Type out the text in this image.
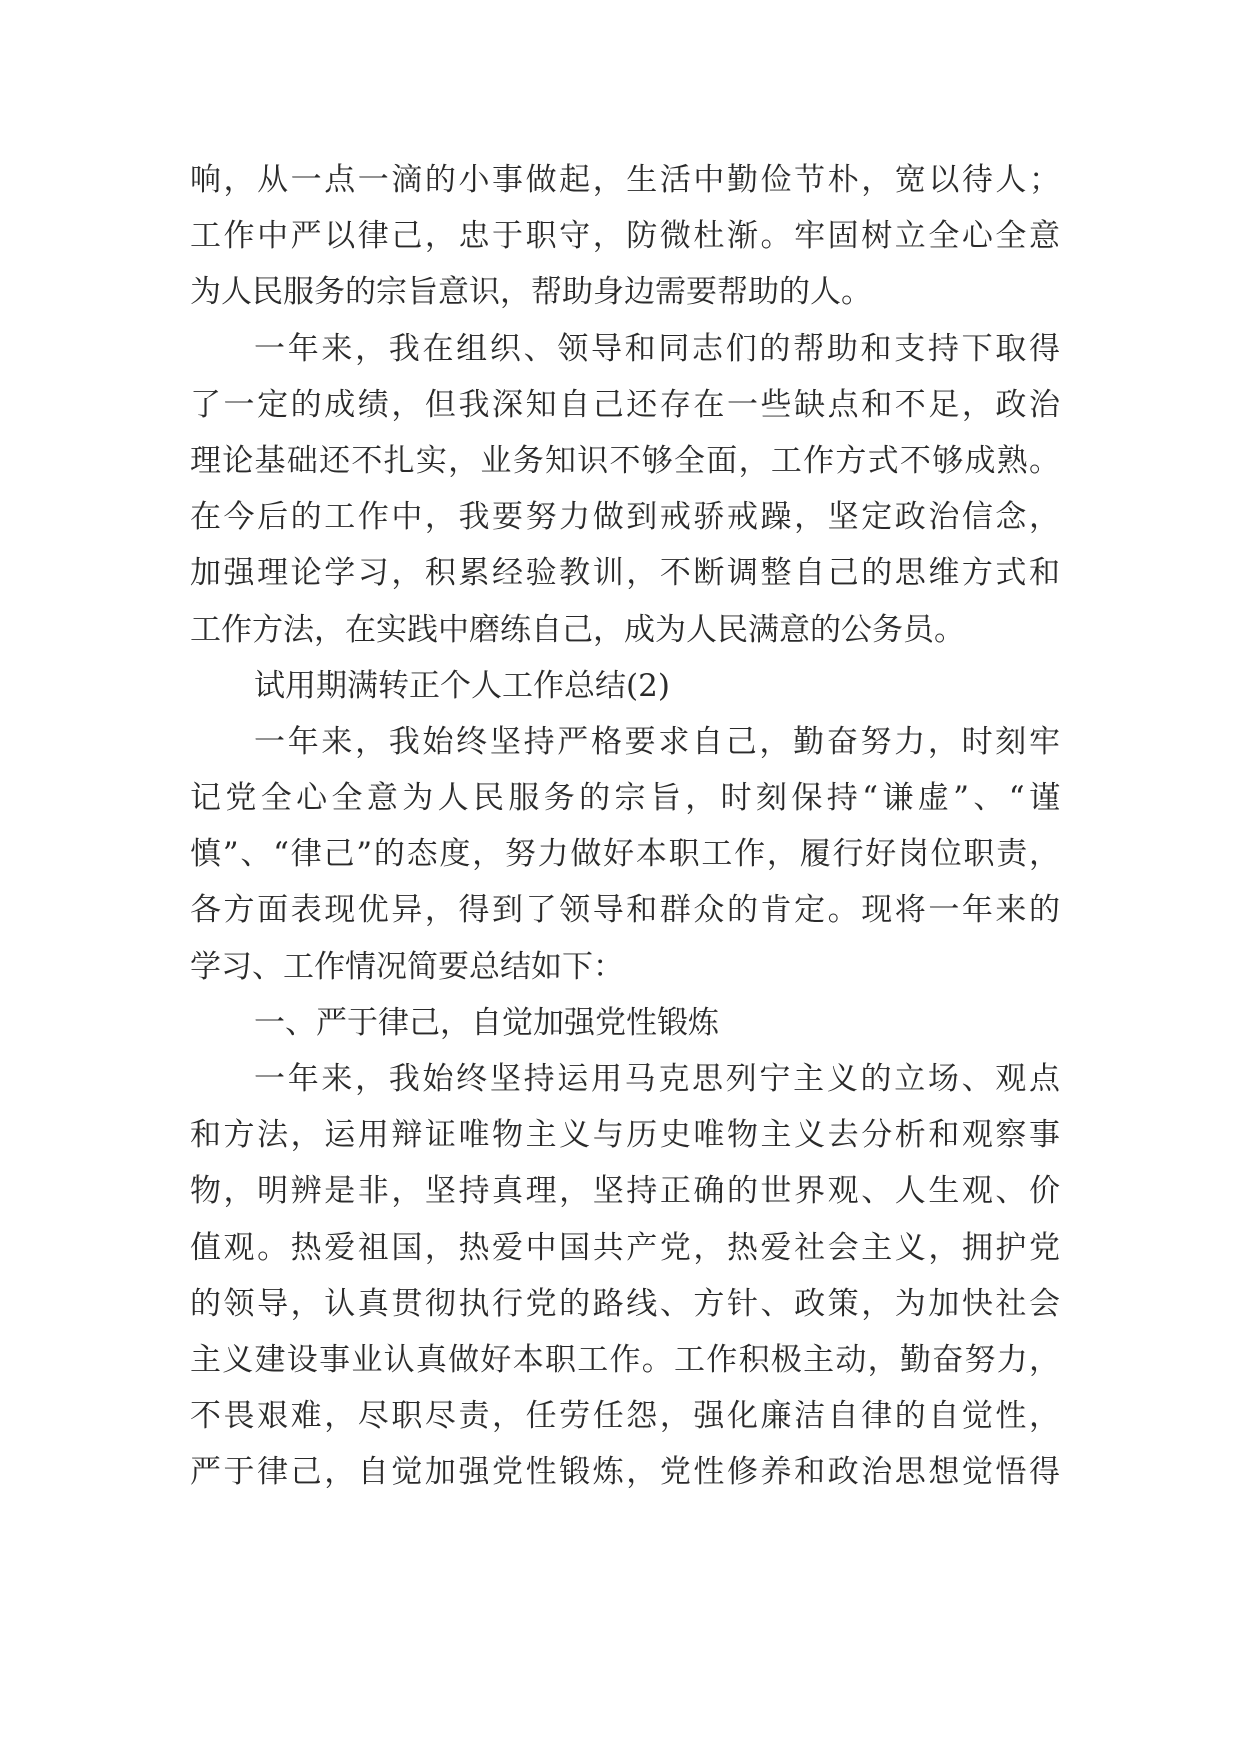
响，从一点一滴的小事做起，生活中勤俭节朴，宽以待人；
工作中严以律己，忠于职守，防微杜渐。牢固树立全心全意
为人民服务的宗旨意识，帮助身边需要帮助的人。
一年来，我在组织、领导和同志们的帮助和支持下取得
了一定的成绩，但我深知自己还存在一些缺点和不足，政治
理论基础还不扎实，业务知识不够全面，工作方式不够成熟。
在今后的工作中，我要努力做到戒骄戒躁，坚定政治信念，
加强理论学习，积累经验教训，不断调整自己的思维方式和
工作方法，在实践中磨练自己，成为人民满意的公务员。
试用期满转正个人工作总结(2)
一年来，我始终坚持严格要求自己，勤奋努力，时刻牢
记党全心全意为人民服务的宗旨，时刻保持“谦虚”、“谨
慎”、“律己”的态度，努力做好本职工作，履行好岗位职责，
各方面表现优异，得到了领导和群众的肯定。现将一年来的
学习、工作情况简要总结如下：
一、严于律己，自觉加强党性锻炼
一年来，我始终坚持运用马克思列宁主义的立场、观点
和方法，运用辩证唯物主义与历史唯物主义去分析和观察事
物，明辨是非，坚持真理，坚持正确的世界观、人生观、价
值观。热爱祖国，热爱中国共产党，热爱社会主义，拥护党
的领导，认真贯彻执行党的路线、方针、政策，为加快社会
主义建设事业认真做好本职工作。工作积极主动，勤奋努力，
不畏艰难，尽职尽责，任劳任怨，强化廉洁自律的自觉性，
严于律己，自觉加强党性锻炼，党性修养和政治思想觉悟得
